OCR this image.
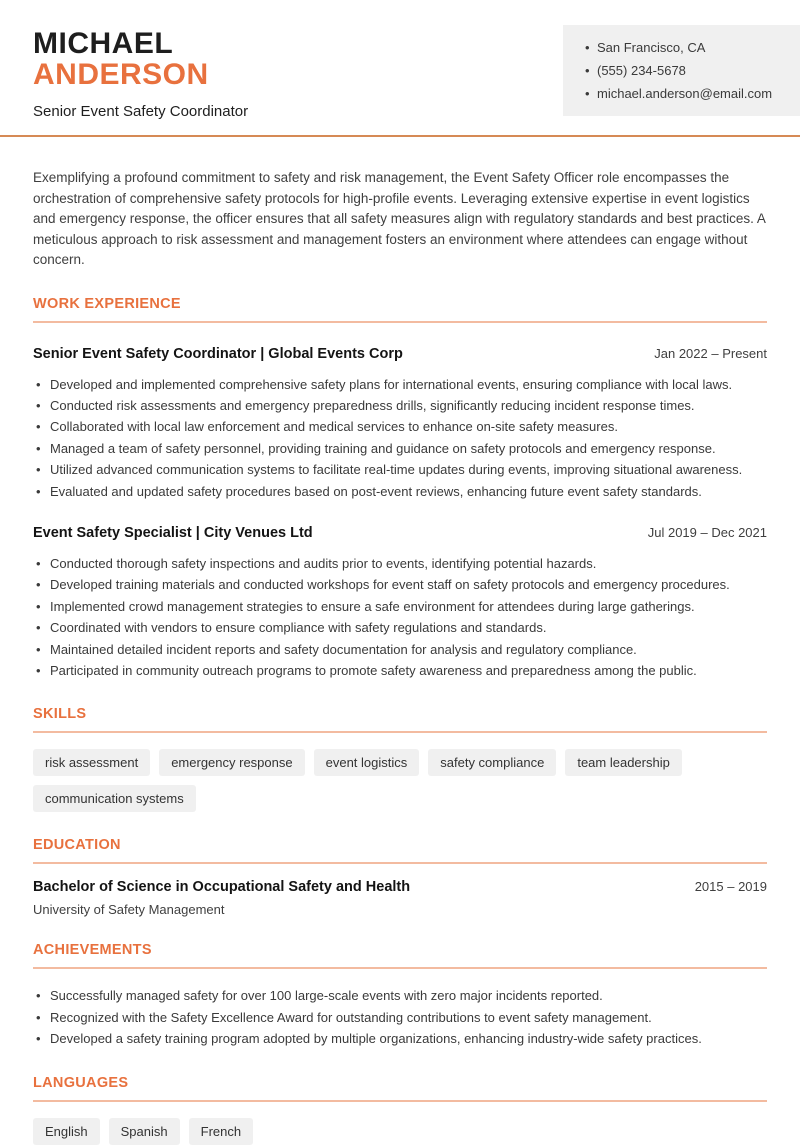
MICHAEL
ANDERSON
Senior Event Safety Coordinator
• San Francisco, CA
• (555) 234-5678
• michael.anderson@email.com

Exemplifying a profound commitment to safety and risk management, the Event Safety Officer role encompasses the orchestration of comprehensive safety protocols for high-profile events. Leveraging extensive expertise in event logistics and emergency response, the officer ensures that all safety measures align with regulatory standards and best practices. A meticulous approach to risk assessment and management fosters an environment where attendees can engage without concern.

WORK EXPERIENCE
Senior Event Safety Coordinator | Global Events Corp	Jan 2022 – Present
• Developed and implemented comprehensive safety plans for international events, ensuring compliance with local laws.
• Conducted risk assessments and emergency preparedness drills, significantly reducing incident response times.
• Collaborated with local law enforcement and medical services to enhance on-site safety measures.
• Managed a team of safety personnel, providing training and guidance on safety protocols and emergency response.
• Utilized advanced communication systems to facilitate real-time updates during events, improving situational awareness.
• Evaluated and updated safety procedures based on post-event reviews, enhancing future event safety standards.
Event Safety Specialist | City Venues Ltd	Jul 2019 – Dec 2021
• Conducted thorough safety inspections and audits prior to events, identifying potential hazards.
• Developed training materials and conducted workshops for event staff on safety protocols and emergency procedures.
• Implemented crowd management strategies to ensure a safe environment for attendees during large gatherings.
• Coordinated with vendors to ensure compliance with safety regulations and standards.
• Maintained detailed incident reports and safety documentation for analysis and regulatory compliance.
• Participated in community outreach programs to promote safety awareness and preparedness among the public.
SKILLS
risk assessment	emergency response	event logistics	safety compliance	team leadership
communication systems
EDUCATION
Bachelor of Science in Occupational Safety and Health	2015 – 2019
University of Safety Management
ACHIEVEMENTS
• Successfully managed safety for over 100 large-scale events with zero major incidents reported.
• Recognized with the Safety Excellence Award for outstanding contributions to event safety management.
• Developed a safety training program adopted by multiple organizations, enhancing industry-wide safety practices.
LANGUAGES
English	Spanish	French
